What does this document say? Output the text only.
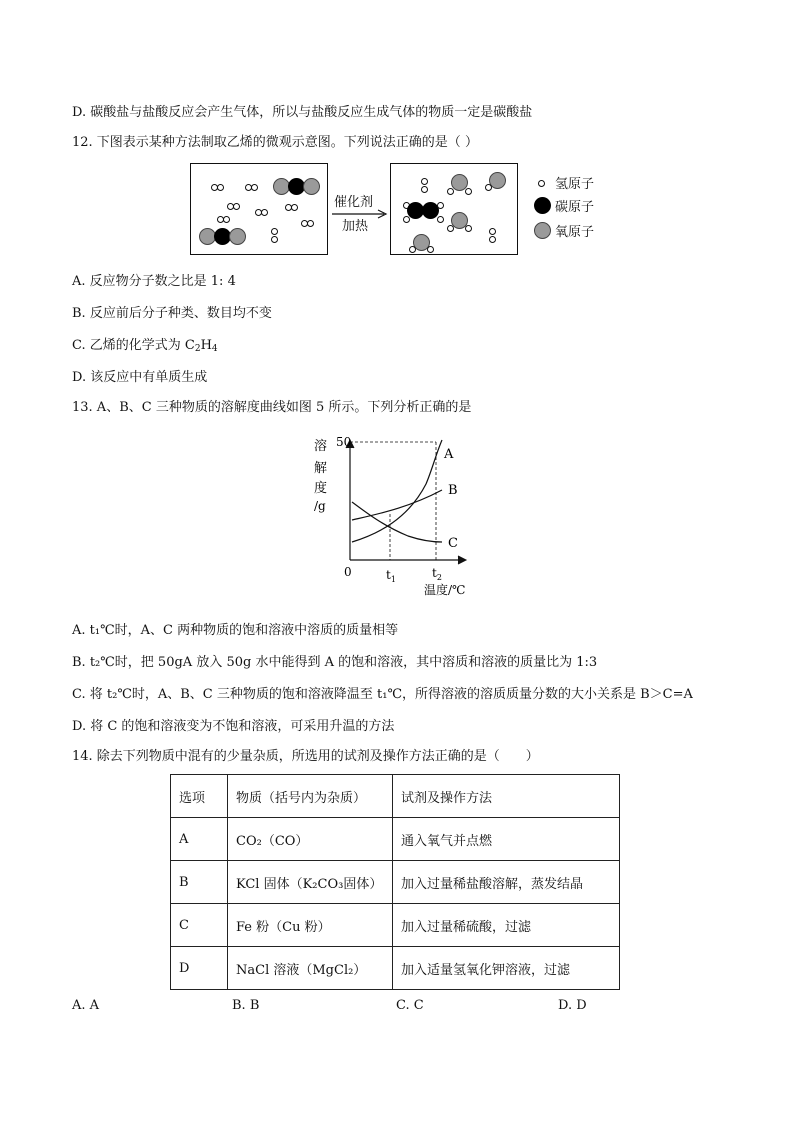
D. 碳酸盐与盐酸反应会产生气体，所以与盐酸反应生成气体的物质一定是碳酸盐
12. 下图表示某种方法制取乙烯的微观示意图。下列说法正确的是（ ）
催化剂
加热
氢原子
碳原子
氧原子
A. 反应物分子数之比是 1: 4
B. 反应前后分子种类、数目均不变
C. 乙烯的化学式为 $C_2H_4$
D. 该反应中有单质生成
13. A、B、C 三种物质的溶解度曲线如图 5 所示。下列分析正确的是
溶
解
度
/g
50
A
B
C
0	$t_1$	$t_2$
温度/℃
A. t₁℃时，A、C 两种物质的饱和溶液中溶质的质量相等
B. t₂℃时，把 50gA 放入 50g 水中能得到 A 的饱和溶液，其中溶质和溶液的质量比为 1:3
C. 将 t₂℃时，A、B、C 三种物质的饱和溶液降温至 t₁℃，所得溶液的溶质质量分数的大小关系是 B＞C=A
D. 将 C 的饱和溶液变为不饱和溶液，可采用升温的方法
14. 除去下列物质中混有的少量杂质，所选用的试剂及操作方法正确的是（　　）
选项	物质（括号内为杂质）	试剂及操作方法
A	CO₂（CO）	通入氧气并点燃
B	KCl 固体（K₂CO₃固体）	加入过量稀盐酸溶解，蒸发结晶
C	Fe 粉（Cu 粉）	加入过量稀硫酸，过滤
D	NaCl 溶液（MgCl₂）	加入适量氢氧化钾溶液，过滤
A. A	B. B	C. C	D. D
